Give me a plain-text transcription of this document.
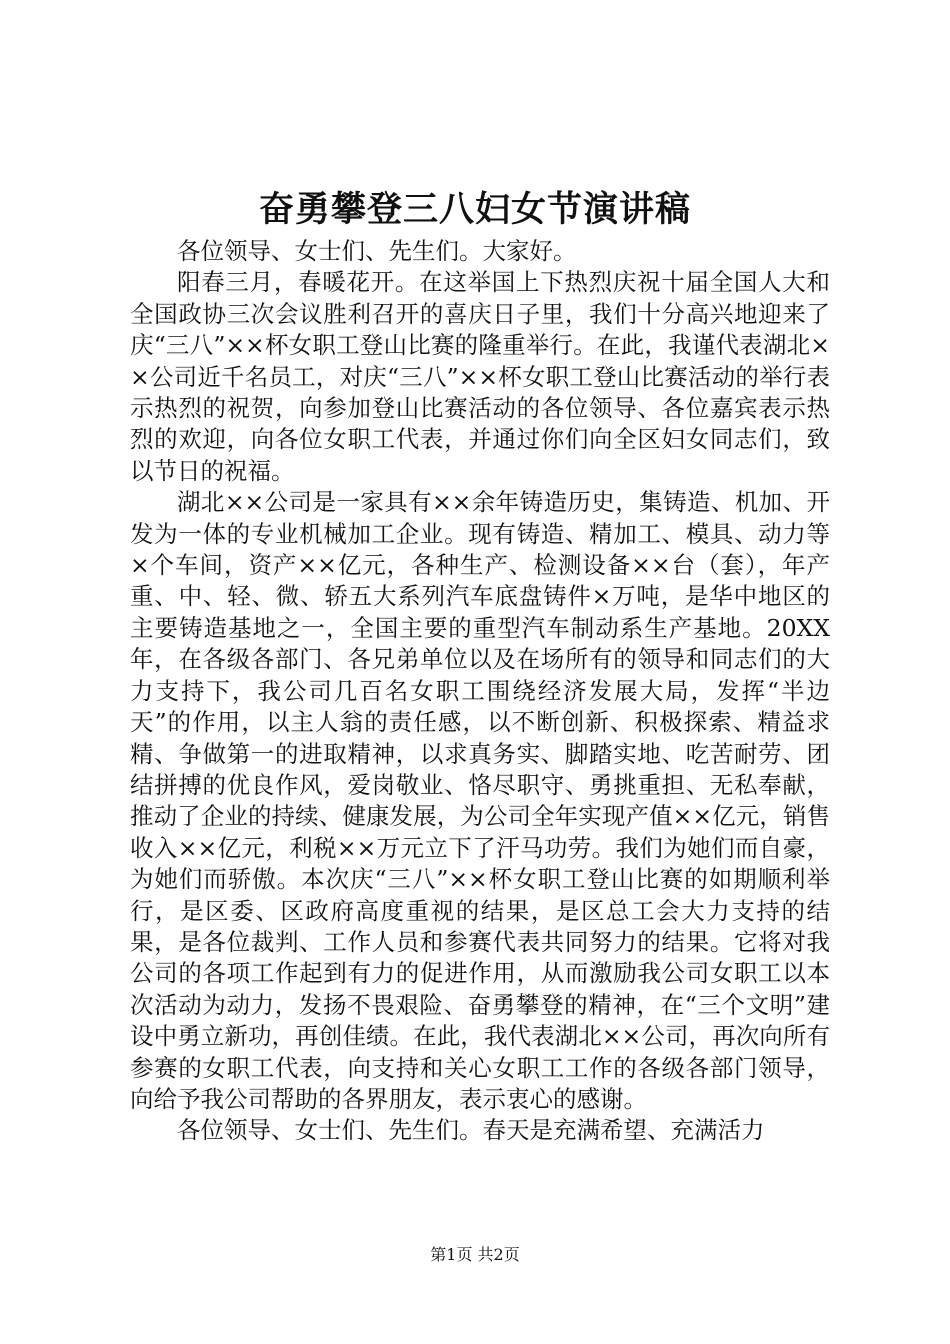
奋勇攀登三八妇女节演讲稿

各位领导、女士们、先生们。大家好。

阳春三月，春暖花开。在这举国上下热烈庆祝十届全国人大和全国政协三次会议胜利召开的喜庆日子里，我们十分高兴地迎来了庆“三八”××杯女职工登山比赛的隆重举行。在此，我谨代表湖北××公司近千名员工，对庆“三八”××杯女职工登山比赛活动的举行表示热烈的祝贺，向参加登山比赛活动的各位领导、各位嘉宾表示热烈的欢迎，向各位女职工代表，并通过你们向全区妇女同志们，致以节日的祝福。

湖北××公司是一家具有××余年铸造历史，集铸造、机加、开发为一体的专业机械加工企业。现有铸造、精加工、模具、动力等×个车间，资产××亿元，各种生产、检测设备××台（套），年产重、中、轻、微、轿五大系列汽车底盘铸件×万吨，是华中地区的主要铸造基地之一，全国主要的重型汽车制动系生产基地。20XX年，在各级各部门、各兄弟单位以及在场所有的领导和同志们的大力支持下，我公司几百名女职工围绕经济发展大局，发挥“半边天”的作用，以主人翁的责任感，以不断创新、积极探索、精益求精、争做第一的进取精神，以求真务实、脚踏实地、吃苦耐劳、团结拼搏的优良作风，爱岗敬业、恪尽职守、勇挑重担、无私奉献，推动了企业的持续、健康发展，为公司全年实现产值××亿元，销售收入××亿元，利税××万元立下了汗马功劳。我们为她们而自豪，为她们而骄傲。本次庆“三八”××杯女职工登山比赛的如期顺利举行，是区委、区政府高度重视的结果，是区总工会大力支持的结果，是各位裁判、工作人员和参赛代表共同努力的结果。它将对我公司的各项工作起到有力的促进作用，从而激励我公司女职工以本次活动为动力，发扬不畏艰险、奋勇攀登的精神，在“三个文明”建设中勇立新功，再创佳绩。在此，我代表湖北××公司，再次向所有参赛的女职工代表，向支持和关心女职工工作的各级各部门领导，向给予我公司帮助的各界朋友，表示衷心的感谢。

各位领导、女士们、先生们。春天是充满希望、充满活力

第1页 共2页
